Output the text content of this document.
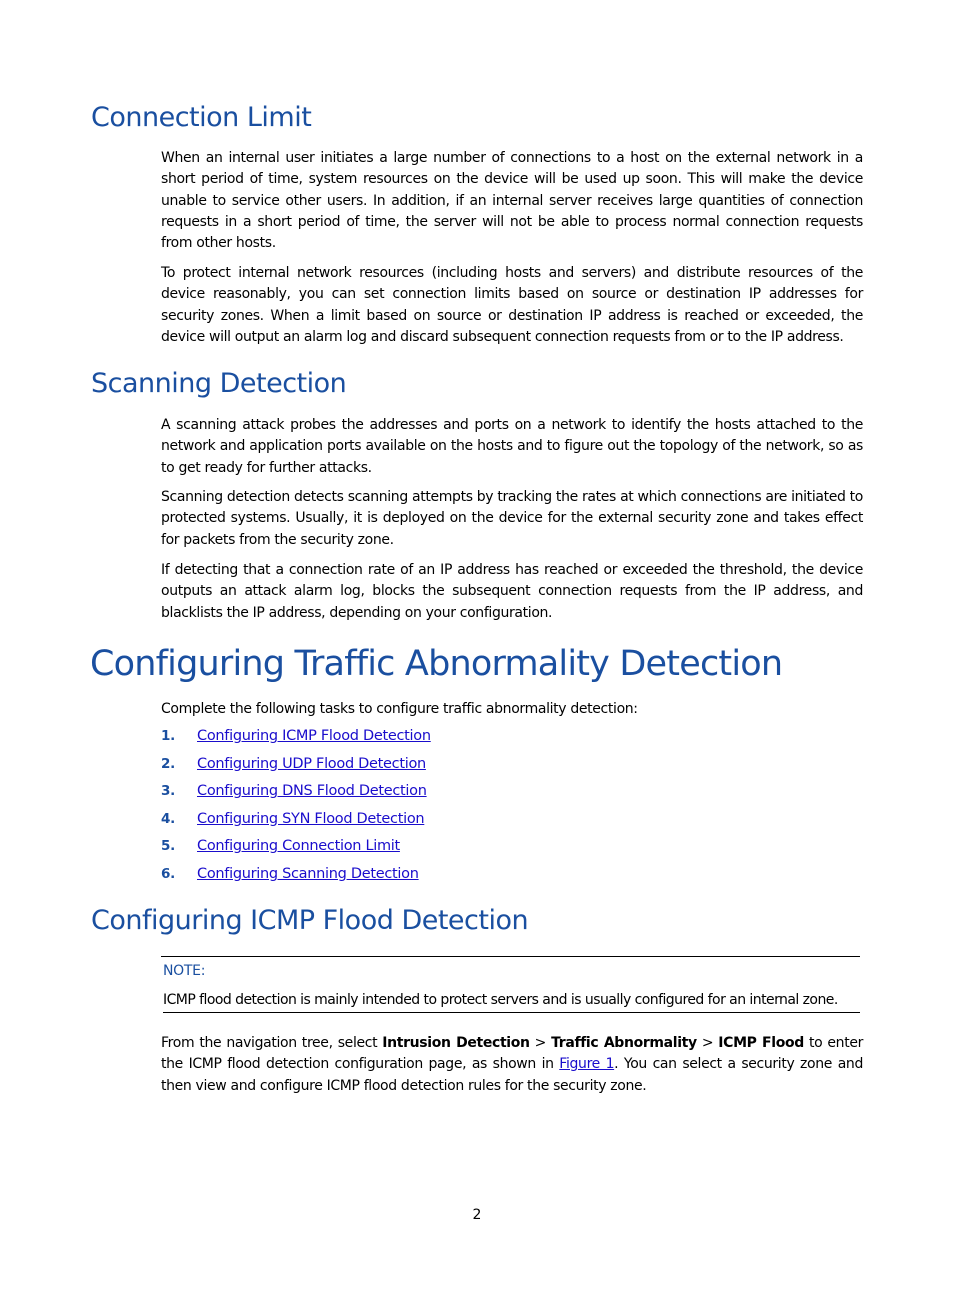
Connection Limit

When an internal user initiates a large number of connections to a host on the external network in a short period of time, system resources on the device will be used up soon. This will make the device unable to service other users. In addition, if an internal server receives large quantities of connection requests in a short period of time, the server will not be able to process normal connection requests from other hosts.

To protect internal network resources (including hosts and servers) and distribute resources of the device reasonably, you can set connection limits based on source or destination IP addresses for security zones. When a limit based on source or destination IP address is reached or exceeded, the device will output an alarm log and discard subsequent connection requests from or to the IP address.

Scanning Detection

A scanning attack probes the addresses and ports on a network to identify the hosts attached to the network and application ports available on the hosts and to figure out the topology of the network, so as to get ready for further attacks.

Scanning detection detects scanning attempts by tracking the rates at which connections are initiated to protected systems. Usually, it is deployed on the device for the external security zone and takes effect for packets from the security zone.

If detecting that a connection rate of an IP address has reached or exceeded the threshold, the device outputs an attack alarm log, blocks the subsequent connection requests from the IP address, and blacklists the IP address, depending on your configuration.

Configuring Traffic Abnormality Detection

Complete the following tasks to configure traffic abnormality detection:

1. Configuring ICMP Flood Detection
2. Configuring UDP Flood Detection
3. Configuring DNS Flood Detection
4. Configuring SYN Flood Detection
5. Configuring Connection Limit
6. Configuring Scanning Detection
Configuring ICMP Flood Detection

NOTE:

ICMP flood detection is mainly intended to protect servers and is usually configured for an internal zone.

From the navigation tree, select Intrusion Detection > Traffic Abnormality > ICMP Flood to enter the ICMP flood detection configuration page, as shown in Figure 1. You can select a security zone and then view and configure ICMP flood detection rules for the security zone.

2
